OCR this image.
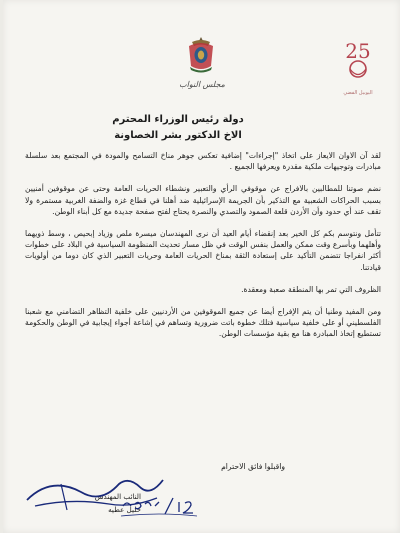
مجلس النواب
25
اليوبيل الفضي
دولة رئيس الوزراء المحترم
الاخ الدكتور بشر الخصاونة

لقد آن الاوان الايعاز على اتخاذ "إجراءات" إضافية تعكس جوهر مناخ التسامح والمودة في المجتمع بعد سلسلة مبادرات وتوجيهات ملكية مقدرة ويعرفها الجميع .

نضم صوتنا للمطالبين بالافراج عن موقوفي الرأي والتعبير ونشطاء الحريات العامة وحتى عن موقوفين أمنيين بسبب الحراكات الشعبية مع التذكير بأن الجريمة الإسرائيلية ضد أهلنا في قطاع غزة والضفة الغربية مستمرة ولا تقف عند أي حدود وأن الأردن قلعة الصمود والتصدي والنصرة يحتاج لفتح صفحة جديدة مع كل أبناء الوطن.

تتأمل ونتوسم بكم كل الخير بعد إنقضاء أيام العيد أن نرى المهندسان ميسرة ملص وزياد إبحيص ، وسط ذويهما وأهلهما وبأسرع وقت ممكن والعمل بنفس الوقت في ظل مسار تحديث المنظومة السياسية في البلاد على خطوات أكثر انفراجا تتضمن التأكيد على إستعادة الثقة بمناخ الحريات العامة وحريات التعبير الذي كان دوما من أولويات قيادتنا.

الظروف التي تمر بها المنطقة صعبة ومعقدة.

ومن المفيد وطنيا أن يتم الإفراج أيضا عن جميع الموقوفين من الأردنيين على خلفية التظاهر التضامني مع شعبنا الفلسطيني أو على خلفية سياسية فتلك خطوة باتت ضرورية وتساهم في إشاعة أجواء إيجابية في الوطن والحكومة تستطيع إتخاذ المبادرة هنا مع بقية مؤسسات الوطن.

واقبلوا فائق الاحترام
النائب المهندس
خليل عطيه
